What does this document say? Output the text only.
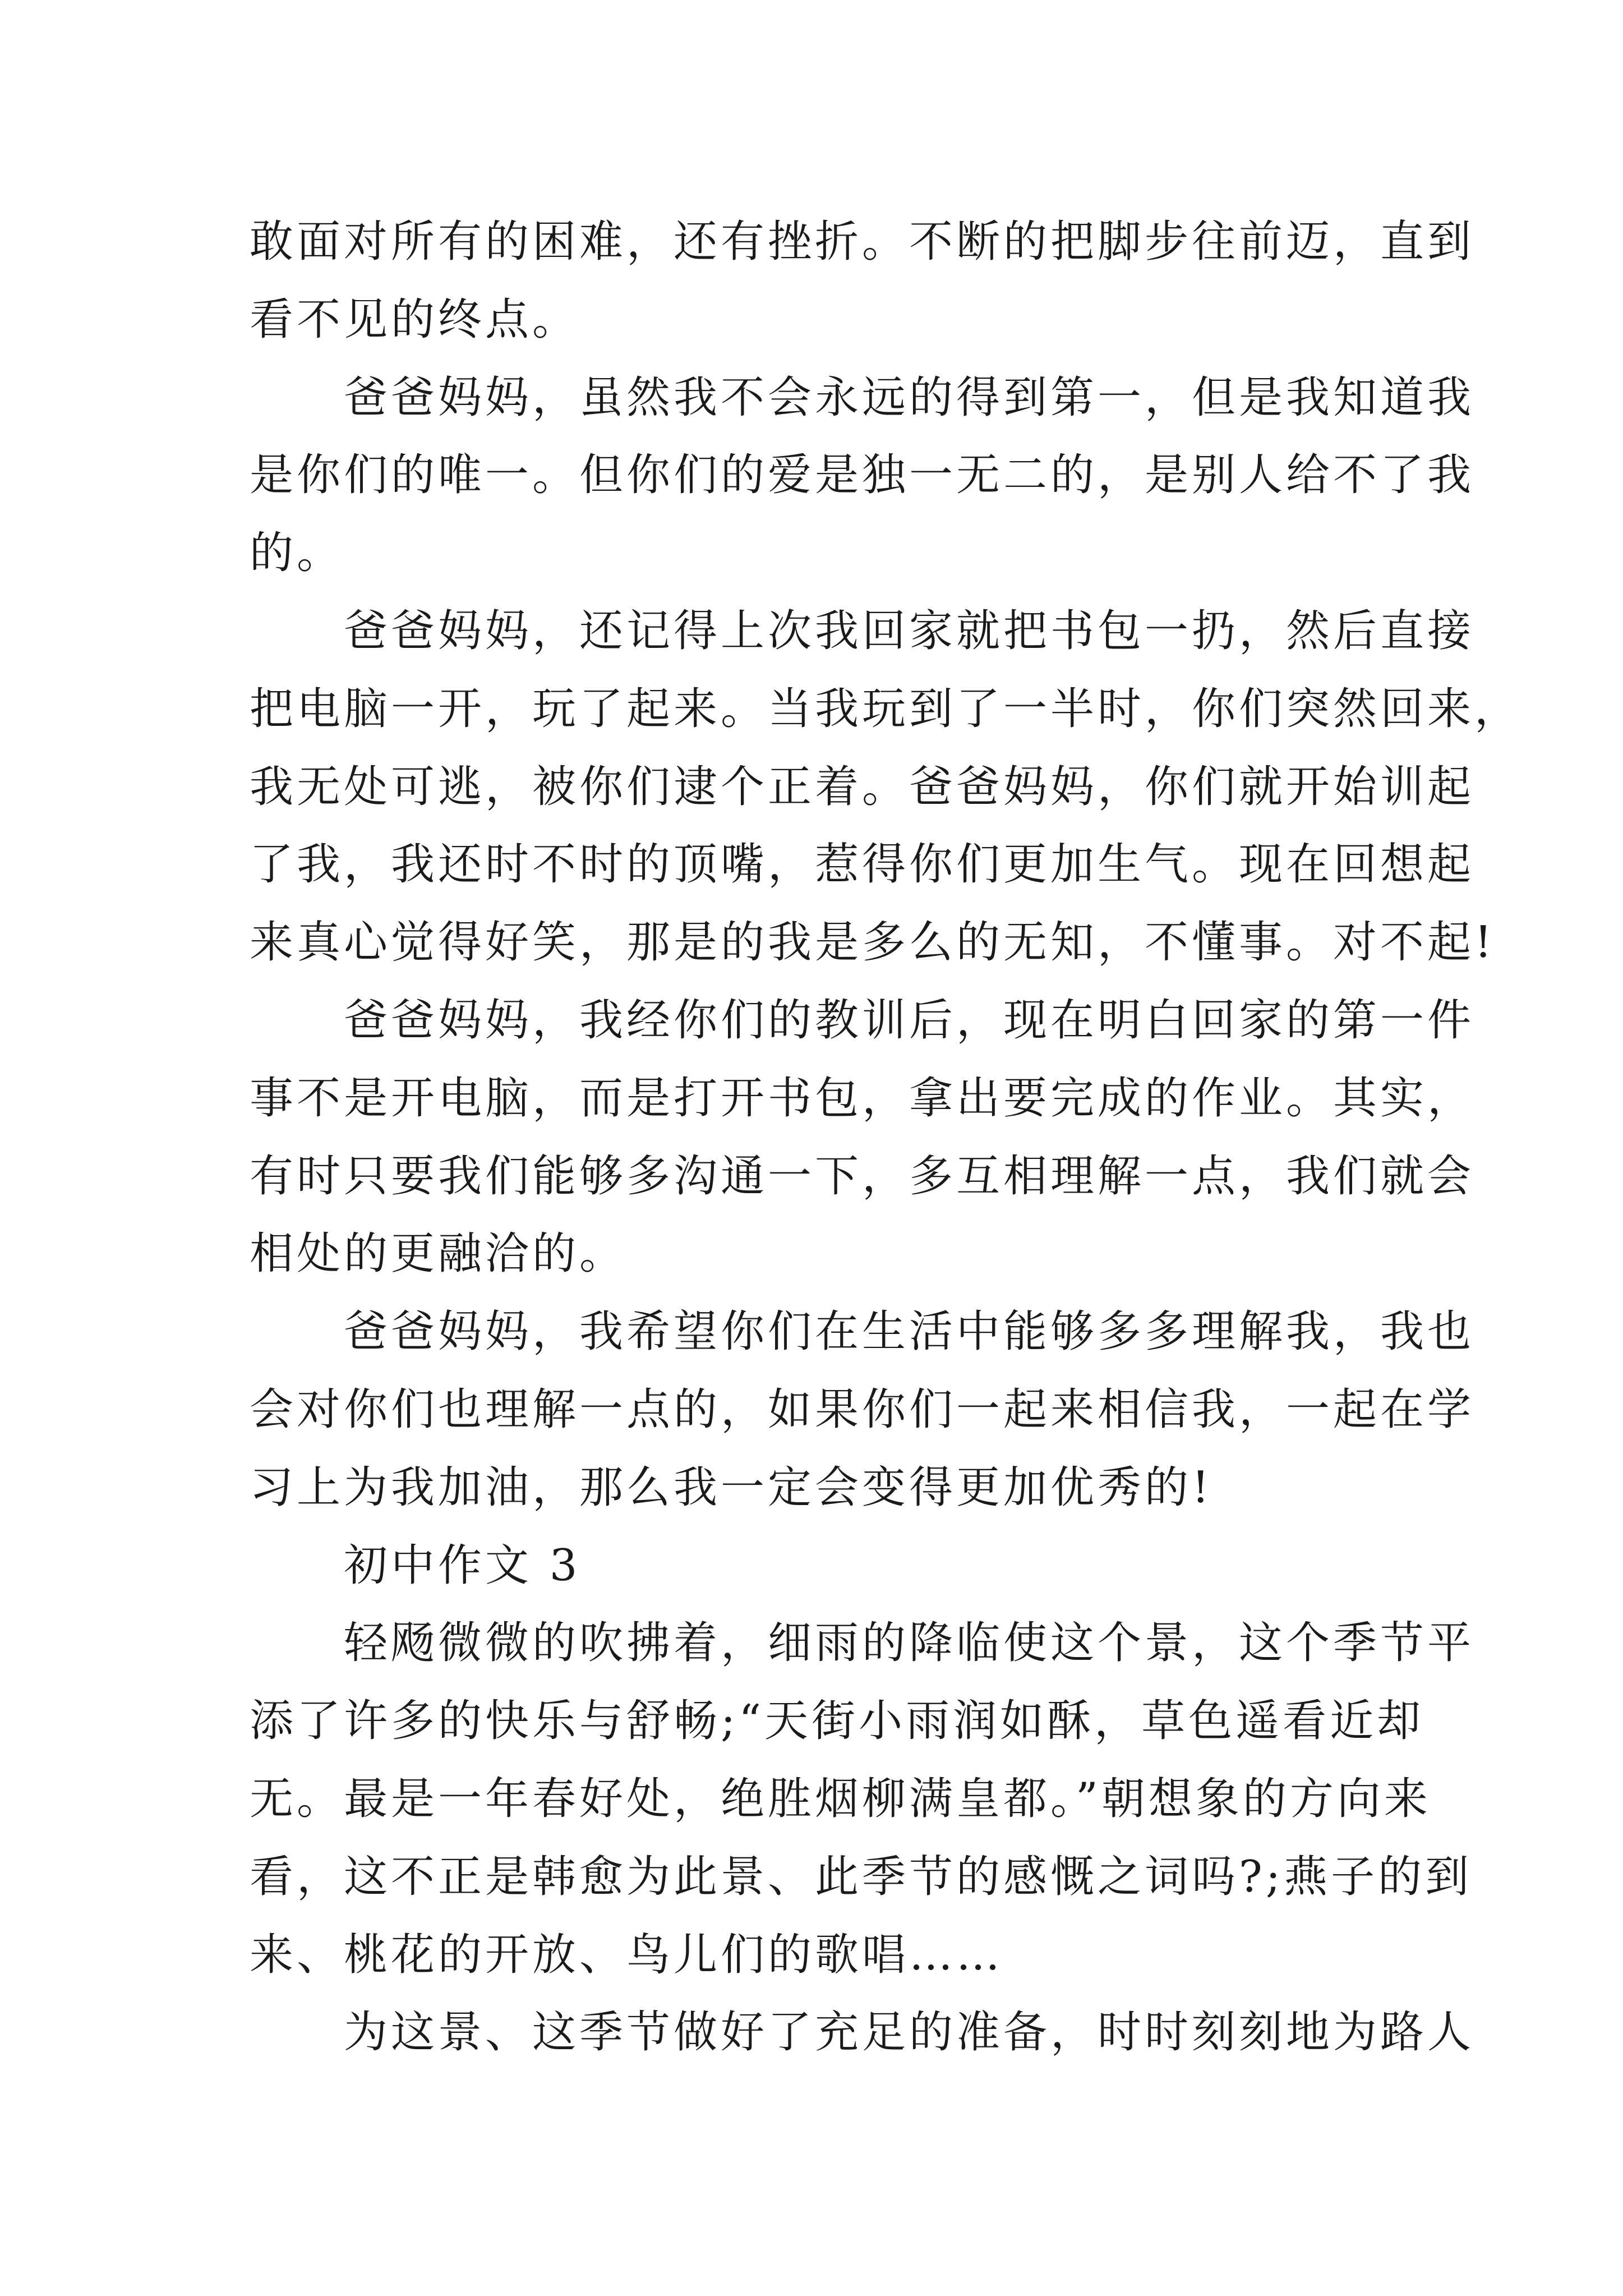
敢面对所有的困难，还有挫折。不断的把脚步往前迈，直到
看不见的终点。
　　爸爸妈妈，虽然我不会永远的得到第一，但是我知道我
是你们的唯一。但你们的爱是独一无二的，是别人给不了我
的。
　　爸爸妈妈，还记得上次我回家就把书包一扔，然后直接
把电脑一开，玩了起来。当我玩到了一半时，你们突然回来，
我无处可逃，被你们逮个正着。爸爸妈妈，你们就开始训起
了我，我还时不时的顶嘴，惹得你们更加生气。现在回想起
来真心觉得好笑，那是的我是多么的无知，不懂事。对不起!
　　爸爸妈妈，我经你们的教训后，现在明白回家的第一件
事不是开电脑，而是打开书包，拿出要完成的作业。其实，
有时只要我们能够多沟通一下，多互相理解一点，我们就会
相处的更融洽的。
　　爸爸妈妈，我希望你们在生活中能够多多理解我，我也
会对你们也理解一点的，如果你们一起来相信我，一起在学
习上为我加油，那么我一定会变得更加优秀的!
　　初中作文 3
　　轻飏微微的吹拂着，细雨的降临使这个景，这个季节平
添了许多的快乐与舒畅;“天街小雨润如酥，草色遥看近却
无。最是一年春好处，绝胜烟柳满皇都。”朝想象的方向来
看，这不正是韩愈为此景、此季节的感慨之词吗?;燕子的到
来、桃花的开放、鸟儿们的歌唱……
　　为这景、这季节做好了充足的准备，时时刻刻地为路人
